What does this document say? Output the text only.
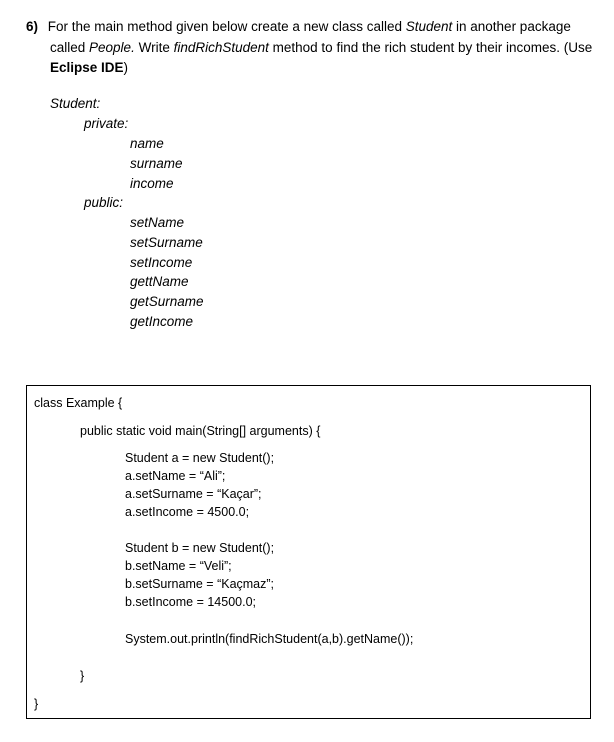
6) For the main method given below create a new class called Student in another package
called People. Write findRichStudent method to find the rich student by their incomes. (Use
Eclipse IDE)
Student:
private:
name
surname
income
public:
setName
setSurname
setIncome
gettName
getSurname
getIncome
class Example {
public static void main(String[] arguments) {
Student a = new Student();
a.setName = “Ali”;
a.setSurname = “Kaçar”;
a.setIncome = 4500.0;
Student b = new Student();
b.setName = “Veli”;
b.setSurname = “Kaçmaz”;
b.setIncome = 14500.0;
System.out.println(findRichStudent(a,b).getName());
}
}
